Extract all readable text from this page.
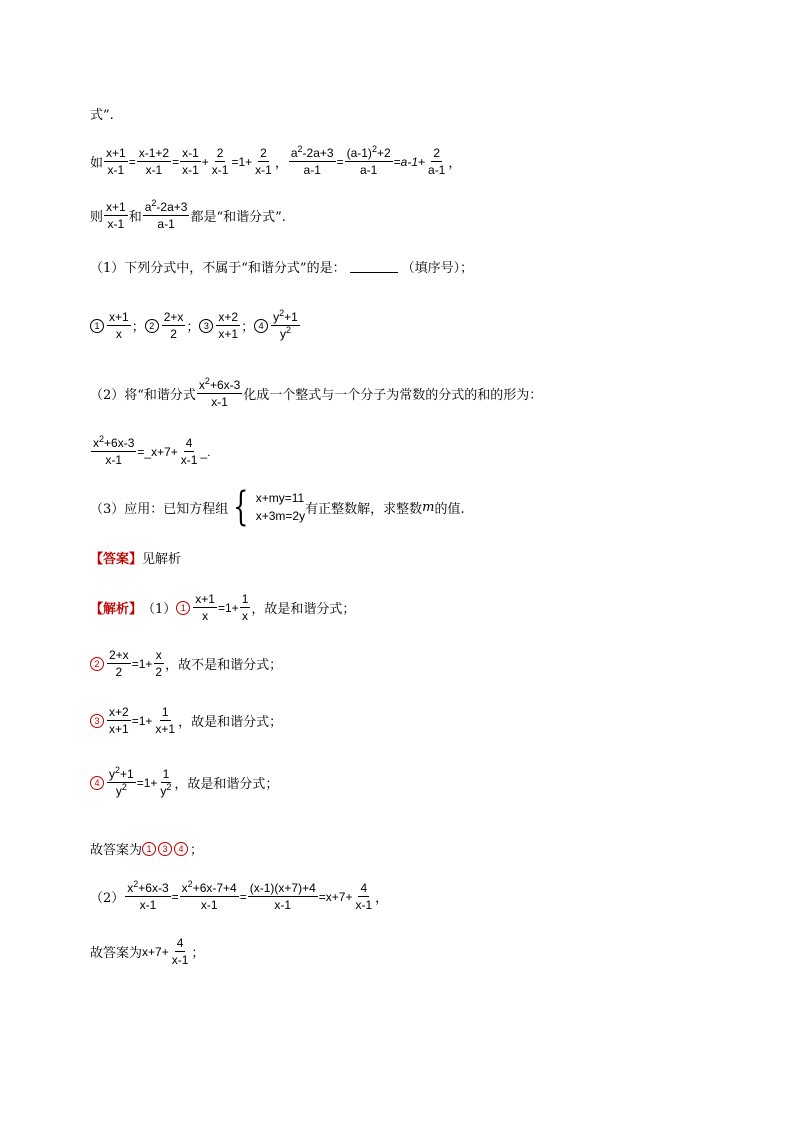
式”.
如 $\frac{x+1}{x-1} = \frac{x-1+2}{x-1} = \frac{x-1}{x-1} + \frac{2}{x-1} = 1+ \frac{2}{x-1}$ ， $\frac{a^2-2a+3}{a-1} = \frac{(a-1)^2+2}{a-1} = a-1+ \frac{2}{a-1}$ ，
则 $\frac{x+1}{x-1}$ 和 $\frac{a^2-2a+3}{a-1}$ 都是“和谐分式”.
（1）下列分式中，不属于“和谐分式”的是：	（填序号）；
$1 \frac{x+1}{x}$ ； $2 \frac{2+x}{2}$ ； $3 \frac{x+2}{x+1}$ ； $4 \frac{y^2+1}{y^2}$
（2）将“和谐分式 $\frac{x^2+6x-3}{x-1}$ 化成一个整式与一个分子为常数的分式的和的形为：
$\frac{x^2+6x-3}{x-1}$ = _ $x+7+ \frac{4}{x-1}$ _.
（3）应用：已知方程组 { x+my=11
x+3m=2y 有正整数解，求整数 m 的值.
【答案】 见解析
【解析】 （1） $1 \frac{x+1}{x} = 1+ \frac{1}{x}$ ，故是和谐分式；
$2 \frac{2+x}{2} = 1+ \frac{x}{2}$ ，故不是和谐分式；
$3 \frac{x+2}{x+1} = 1+ \frac{1}{x+1}$ ，故是和谐分式；
$4 \frac{y^2+1}{y^2} = 1+ \frac{1}{y^2}$ ，故是和谐分式；
故答案为 1	3	4 ；
$(2) \frac{x^2+6x-3}{x-1} = \frac{x^2+6x-7+4}{x-1} = \frac{(x-1)(x+7)+4}{x-1} = x+7+ \frac{4}{x-1}$ ，
故答案为 $x+7+ \frac{4}{x-1}$ ；
